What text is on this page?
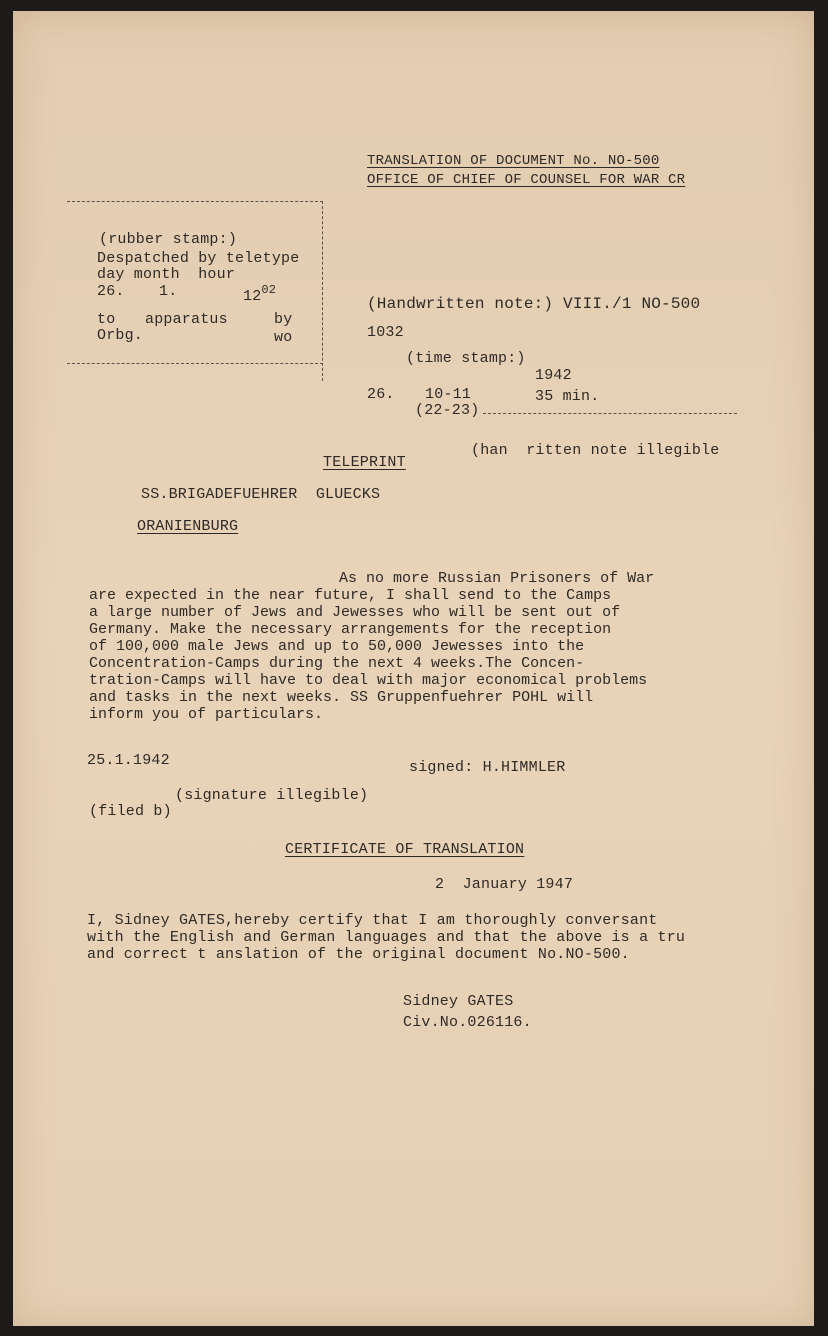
TRANSLATION OF DOCUMENT No. NO-500
OFFICE OF CHIEF OF COUNSEL FOR WAR CR
(rubber stamp:)
Despatched by teletype
day month  hour
26. 1.	$12^{02}$
to apparatus	by
Orbg.	wo
(Handwritten note:) VIII./1 NO-500
1032
(time stamp:)
1942
26. 10-11	35 min.
(22-23)
(han  ritten note illegible
TELEPRINT
SS.BRIGADEFUEHRER  GLUECKS
ORANIENBURG
As no more Russian Prisoners of War
are expected in the near future, I shall send to the Camps
a large number of Jews and Jewesses who will be sent out of
Germany. Make the necessary arrangements for the reception
of 100,000 male Jews and up to 50,000 Jewesses into the
Concentration-Camps during the next 4 weeks.The Concen-
tration-Camps will have to deal with major economical problems
and tasks in the next weeks. SS Gruppenfuehrer POHL will
inform you of particulars.
25.1.1942	signed: H.HIMMLER
(signature illegible)
(filed b)
CERTIFICATE OF TRANSLATION
2  January 1947
I, Sidney GATES,hereby certify that I am thoroughly conversant
with the English and German languages and that the above is a tru
and correct t anslation of the original document No.NO-500.
Sidney GATES
Civ.No.026116.
